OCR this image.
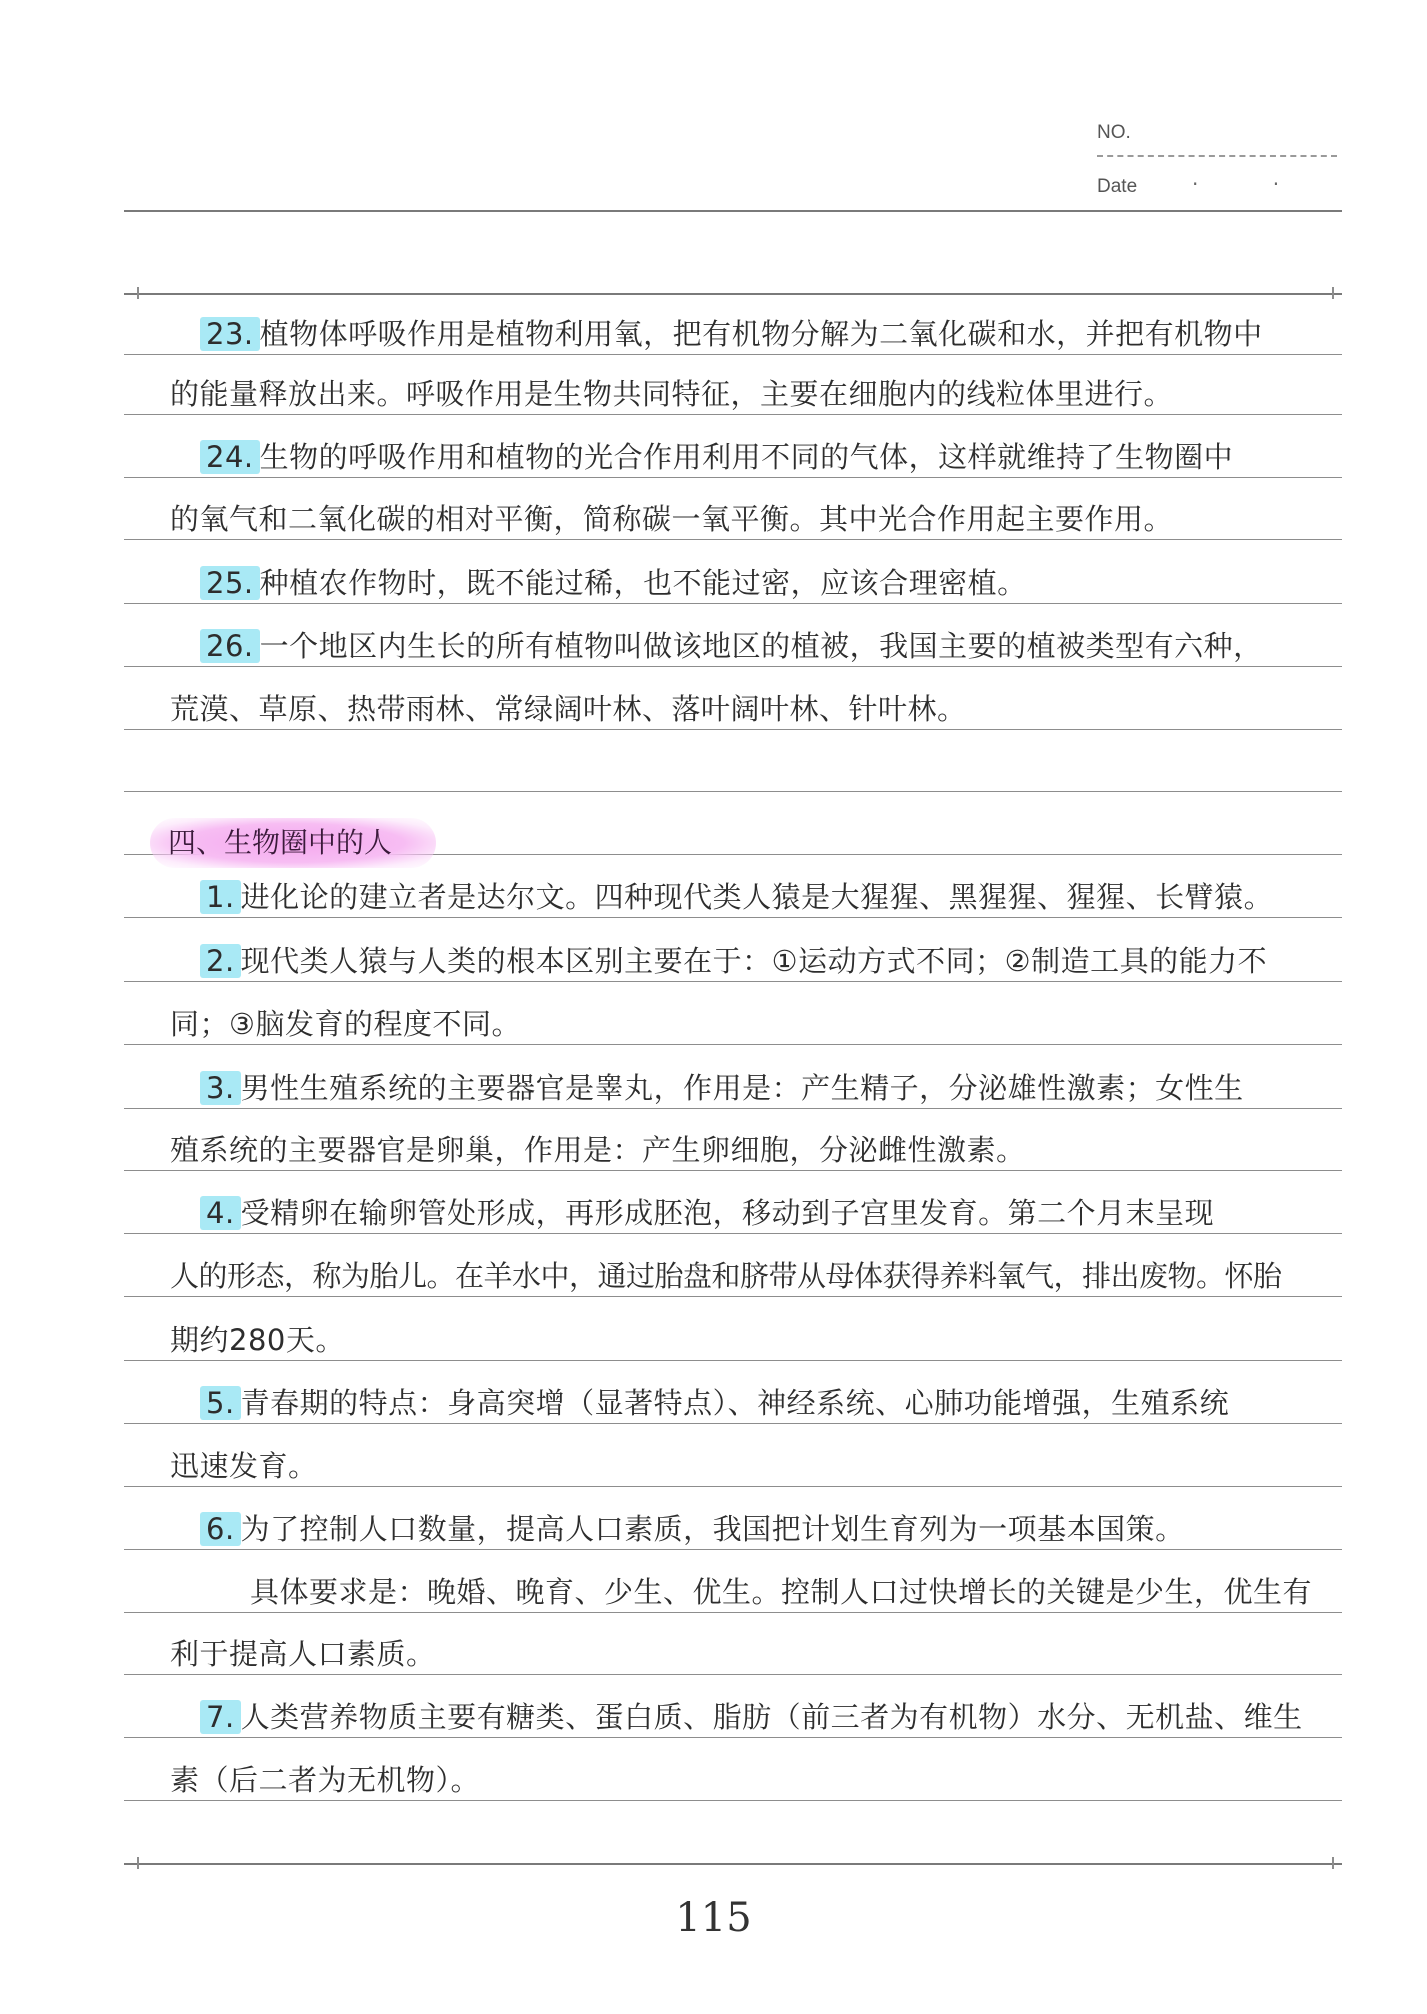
NO.
Date	· ·
23. 植物体呼吸作用是植物利用氧，把有机物分解为二氧化碳和水，并把有机物中
的能量释放出来。呼吸作用是生物共同特征，主要在细胞内的线粒体里进行。
24. 生物的呼吸作用和植物的光合作用利用不同的气体，这样就维持了生物圈中
的氧气和二氧化碳的相对平衡，简称碳一氧平衡。其中光合作用起主要作用。
25. 种植农作物时，既不能过稀，也不能过密，应该合理密植。
26. 一个地区内生长的所有植物叫做该地区的植被，我国主要的植被类型有六种，
荒漠、草原、热带雨林、常绿阔叶林、落叶阔叶林、针叶林。
四、生物圈中的人
1. 进化论的建立者是达尔文。四种现代类人猿是大猩猩、黑猩猩、猩猩、长臂猿。
2. 现代类人猿与人类的根本区别主要在于：①运动方式不同；②制造工具的能力不
同；③脑发育的程度不同。
3. 男性生殖系统的主要器官是睾丸，作用是：产生精子，分泌雄性激素；女性生
殖系统的主要器官是卵巢，作用是：产生卵细胞，分泌雌性激素。
4. 受精卵在输卵管处形成，再形成胚泡，移动到子宫里发育。第二个月末呈现
人的形态，称为胎儿。在羊水中，通过胎盘和脐带从母体获得养料氧气，排出废物。怀胎
期约280天。
5. 青春期的特点：身高突增（显著特点）、神经系统、心肺功能增强，生殖系统
迅速发育。
6. 为了控制人口数量，提高人口素质，我国把计划生育列为一项基本国策。
具体要求是：晚婚、晚育、少生、优生。控制人口过快增长的关键是少生，优生有
利于提高人口素质。
7. 人类营养物质主要有糖类、蛋白质、脂肪（前三者为有机物）水分、无机盐、维生
素（后二者为无机物）。
115
